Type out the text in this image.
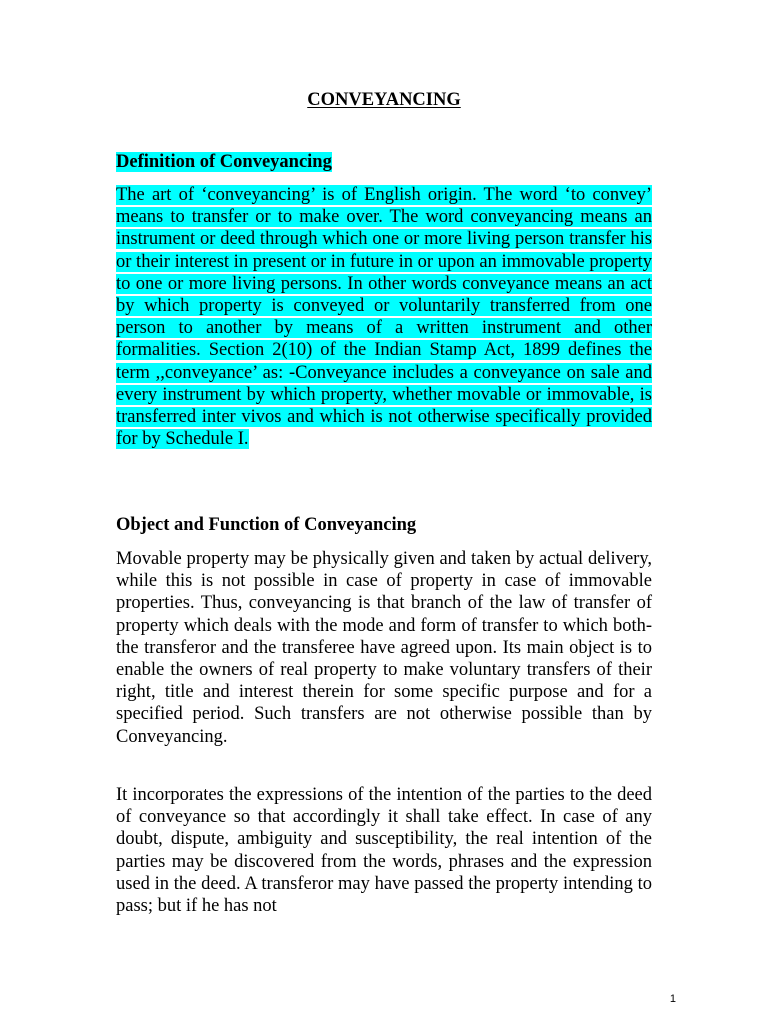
CONVEYANCING
Definition of Conveyancing
The art of ‘conveyancing’ is of English origin. The word ‘to convey’ means to transfer or to make over. The word conveyancing means an instrument or deed through which one or more living person transfer his or their interest in present or in future in or upon an immovable property to one or more living persons. In other words conveyance means an act by which property is conveyed or voluntarily transferred from one person to another by means of a written instrument and other formalities. Section 2(10) of the Indian Stamp Act, 1899 defines the term ,,conveyance’ as: -Conveyance includes a conveyance on sale and every instrument by which property, whether movable or immovable, is transferred inter vivos and which is not otherwise specifically provided for by Schedule I.
Object and Function of Conveyancing
Movable property may be physically given and taken by actual delivery, while this is not possible in case of property in case of immovable properties. Thus, conveyancing is that branch of the law of transfer of property which deals with the mode and form of transfer to which both- the transferor and the transferee have agreed upon. Its main object is to enable the owners of real property to make voluntary transfers of their right, title and interest therein for some specific purpose and for a specified period. Such transfers are not otherwise possible than by Conveyancing.
It incorporates the expressions of the intention of the parties to the deed of conveyance so that accordingly it shall take effect. In case of any doubt, dispute, ambiguity and susceptibility, the real intention of the parties may be discovered from the words, phrases and the expression used in the deed. A transferor may have passed the property intending to pass; but if he has not
1
